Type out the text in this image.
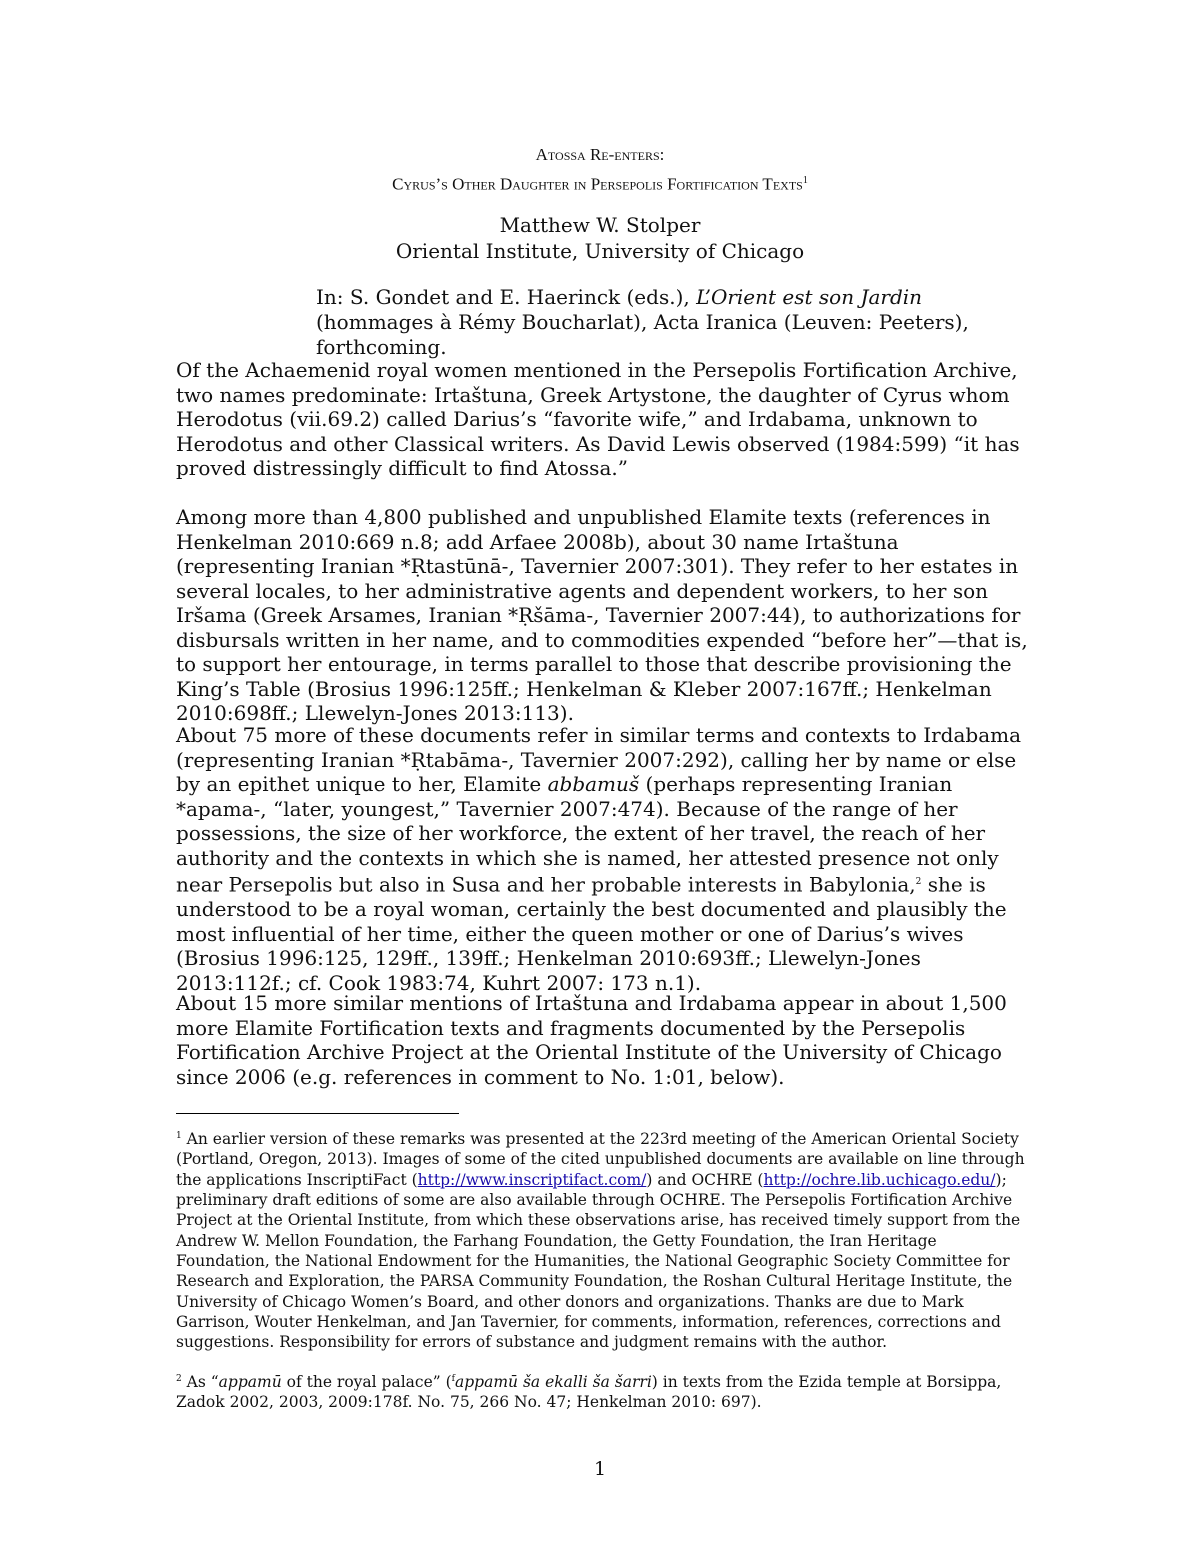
Atossa Re-enters:
Cyrus’s Other Daughter in Persepolis Fortification Texts$^1$
Matthew W. Stolper
Oriental Institute, University of Chicago
In: S. Gondet and E. Haerinck (eds.), L’Orient est son Jardin (hommages à Rémy Boucharlat), Acta Iranica (Leuven: Peeters), forthcoming.

Of the Achaemenid royal women mentioned in the Persepolis Fortification Archive, two names predominate: Irtaštuna, Greek Artystone, the daughter of Cyrus whom Herodotus (vii.69.2) called Darius’s “favorite wife,” and Irdabama, unknown to Herodotus and other Classical writers. As David Lewis observed (1984:599) “it has proved distressingly difficult to find Atossa.”

Among more than 4,800 published and unpublished Elamite texts (references in Henkelman 2010:669 n.8; add Arfaee 2008b), about 30 name Irtaštuna (representing Iranian *Ṛtastūnā-, Tavernier 2007:301). They refer to her estates in several locales, to her administrative agents and dependent workers, to her son Iršama (Greek Arsames, Iranian *Ṛšāma-, Tavernier 2007:44), to authorizations for disbursals written in her name, and to commodities expended “before her”—that is, to support her entourage, in terms parallel to those that describe provisioning the King’s Table (Brosius 1996:125ff.; Henkelman & Kleber 2007:167ff.; Henkelman 2010:698ff.; Llewelyn-Jones 2013:113).

About 75 more of these documents refer in similar terms and contexts to Irdabama (representing Iranian *Ṛtabāma-, Tavernier 2007:292), calling her by name or else by an epithet unique to her, Elamite abbamuš (perhaps representing Iranian *apama-, “later, youngest,” Tavernier 2007:474). Because of the range of her possessions, the size of her workforce, the extent of her travel, the reach of her authority and the contexts in which she is named, her attested presence not only near Persepolis but also in Susa and her probable interests in Babylonia,$^2$ she is understood to be a royal woman, certainly the best documented and plausibly the most influential of her time, either the queen mother or one of Darius’s wives (Brosius 1996:125, 129ff., 139ff.; Henkelman 2010:693ff.; Llewelyn-Jones 2013:112f.; cf. Cook 1983:74, Kuhrt 2007: 173 n.1).

About 15 more similar mentions of Irtaštuna and Irdabama appear in about 1,500 more Elamite Fortification texts and fragments documented by the Persepolis Fortification Archive Project at the Oriental Institute of the University of Chicago since 2006 (e.g. references in comment to No. 1:01, below).

$^1$ An earlier version of these remarks was presented at the 223rd meeting of the American Oriental Society (Portland, Oregon, 2013). Images of some of the cited unpublished documents are available on line through the applications InscriptiFact (http://www.inscriptifact.com/) and OCHRE (http://ochre.lib.uchicago.edu/); preliminary draft editions of some are also available through OCHRE. The Persepolis Fortification Archive Project at the Oriental Institute, from which these observations arise, has received timely support from the Andrew W. Mellon Foundation, the Farhang Foundation, the Getty Foundation, the Iran Heritage Foundation, the National Endowment for the Humanities, the National Geographic Society Committee for Research and Exploration, the PARSA Community Foundation, the Roshan Cultural Heritage Institute, the University of Chicago Women’s Board, and other donors and organizations. Thanks are due to Mark Garrison, Wouter Henkelman, and Jan Tavernier, for comments, information, references, corrections and suggestions. Responsibility for errors of substance and judgment remains with the author.

$^2$ As “appamū of the royal palace” ($^f$appamū ša ekalli ša šarri) in texts from the Ezida temple at Borsippa, Zadok 2002, 2003, 2009:178f. No. 75, 266 No. 47; Henkelman 2010: 697).

1
